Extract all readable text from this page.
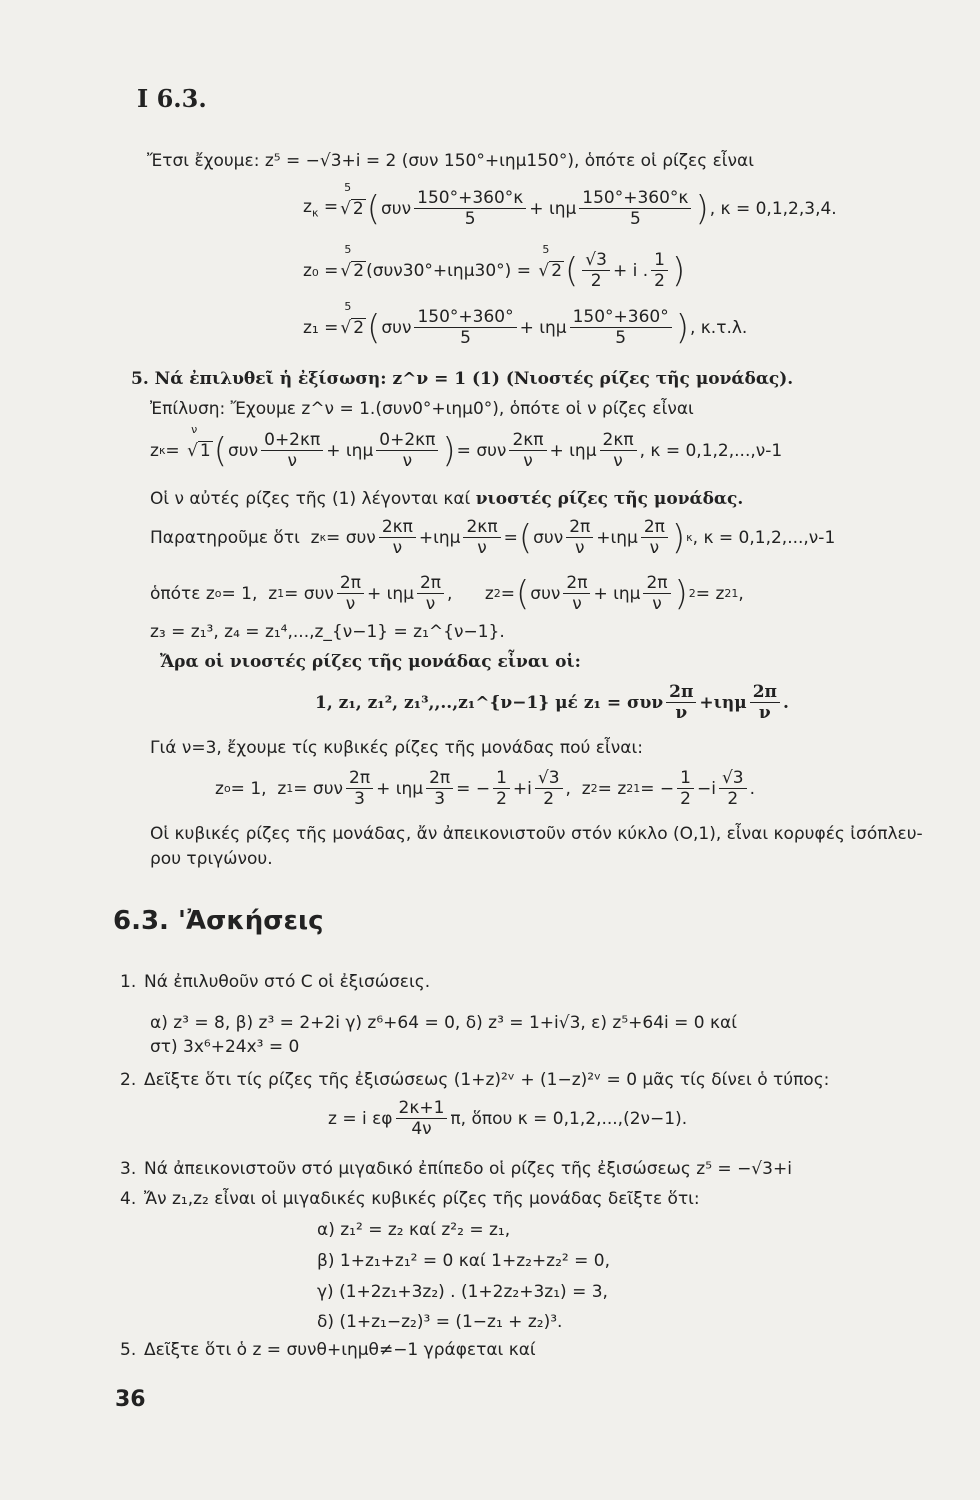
Ι 6.3.
Ἔτσι ἔχουμε: z⁵ = −√3+i = 2 (συν 150°+ιημ150°), ὁπότε οἱ ρίζες εἶναι
$z_\kappa$ =
5
√ 2 ( συν $\frac{150^\circ+360^\circ\kappa}{5} + \iota\eta\mu \frac{150^\circ+360^\circ\kappa}{5}$ ) , κ = 0,1,2,3,4.
z₀ =
5
√ 2 (συν30°+ιημ30°) =

5
√ 2 ( $\frac{√3}{2} + i$ . $\frac{1}{2}$ )
z₁ =
5
√ 2 ( συν $\frac{150^\circ+360^\circ}{5} + \iota\eta\mu \frac{150^\circ+360^\circ}{5}$ ) , κ.τ.λ.
5. Νά ἐπιλυθεῖ ἡ ἐξίσωση: z^ν = 1 (1) (Νιοστές ρίζες τῆς μονάδας).
Ἐπίλυση: Ἔχουμε z^ν = 1.(συν0°+ιημ0°), ὁπότε οἱ ν ρίζες εἶναι
z κ =
ν
√ 1 ( συν $\frac{0+2\kappa\pi}{\nu} + \iota\eta\mu \frac{0+2\kappa\pi}{\nu}$ ) = συν $\frac{2\kappa\pi}{\nu} + \iota\eta\mu \frac{2\kappa\pi}{\nu}$ , κ = 0,1,2,...,ν-1
Οἱ ν αὐτές ρίζες τῆς (1) λέγονται καί νιοστές ρίζες τῆς μονάδας.
Παρατηροῦμε ὅτι z κ = συν $\frac{2\kappa\pi}{\nu} +\iota\eta\mu \frac{2\kappa\pi}{\nu}$ = ( συν $\frac{2\pi}{\nu} +\iota\eta\mu \frac{2\pi}{\nu}$ ) κ , κ = 0,1,2,...,ν-1
ὁπότε z o = 1,  z 1 = συν $\frac{2\pi}{\nu} + \iota\eta\mu \frac{2\pi}{\nu}$ ,      z 2 = ( συν $\frac{2\pi}{\nu} + \iota\eta\mu \frac{2\pi}{\nu}$ ) 2 = z 2 1 ,
z₃ = z₁³, z₄ = z₁⁴,...,z_{ν−1} = z₁^{ν−1}.
Ἄρα οἱ νιοστές ρίζες τῆς μονάδας εἶναι οἱ:
1, z₁, z₁², z₁³,,..,z₁^{ν−1} μέ z₁ = συν $\frac{2\pi}{\nu} +\iota\eta\mu \frac{2\pi}{\nu}$ .
Γιά ν=3, ἔχουμε τίς κυβικές ρίζες τῆς μονάδας πού εἶναι:
z o = 1,  z 1 = συν $\frac{2\pi}{3} + \iota\eta\mu \frac{2\pi}{3}$ = − $\frac{1}{2} +i \frac{√3}{2}$ ,  z 2 = z 2 1 = − $\frac{1}{2} -i \frac{√3}{2}$ .
Οἱ κυβικές ρίζες τῆς μονάδας, ἄν ἀπεικονιστοῦν στόν κύκλο (O,1), εἶναι κορυφές ἰσόπλευ-
ρου τριγώνου.
6.3. 'Ἀσκήσεις
1. Νά ἐπιλυθοῦν στό C οἱ ἐξισώσεις.
α) z³ = 8, β) z³ = 2+2i γ) z⁶+64 = 0, δ) z³ = 1+i√3, ε) z⁵+64i = 0 καί
στ) 3x⁶+24x³ = 0
2. Δεῖξτε ὅτι τίς ρίζες τῆς ἐξισώσεως (1+z)²ᵛ + (1−z)²ᵛ = 0 μᾶς τίς δίνει ὁ τύπος:
z = i εφ $\frac{2\kappa+1}{4\nu} \pi$, ὅπου κ = 0,1,2,...,(2ν−1).
3. Νά ἀπεικονιστοῦν στό μιγαδικό ἐπίπεδο οἱ ρίζες τῆς ἐξισώσεως z⁵ = −√3+i
4. Ἄν z₁,z₂ εἶναι οἱ μιγαδικές κυβικές ρίζες τῆς μονάδας δεῖξτε ὅτι:
α) z₁² = z₂ καί z²₂ = z₁,
β) 1+z₁+z₁² = 0 καί 1+z₂+z₂² = 0,
γ) (1+2z₁+3z₂) . (1+2z₂+3z₁) = 3,
δ) (1+z₁−z₂)³ = (1−z₁ + z₂)³.
5. Δεῖξτε ὅτι ὁ z = συνθ+ιημθ≠−1 γράφεται καί
36
